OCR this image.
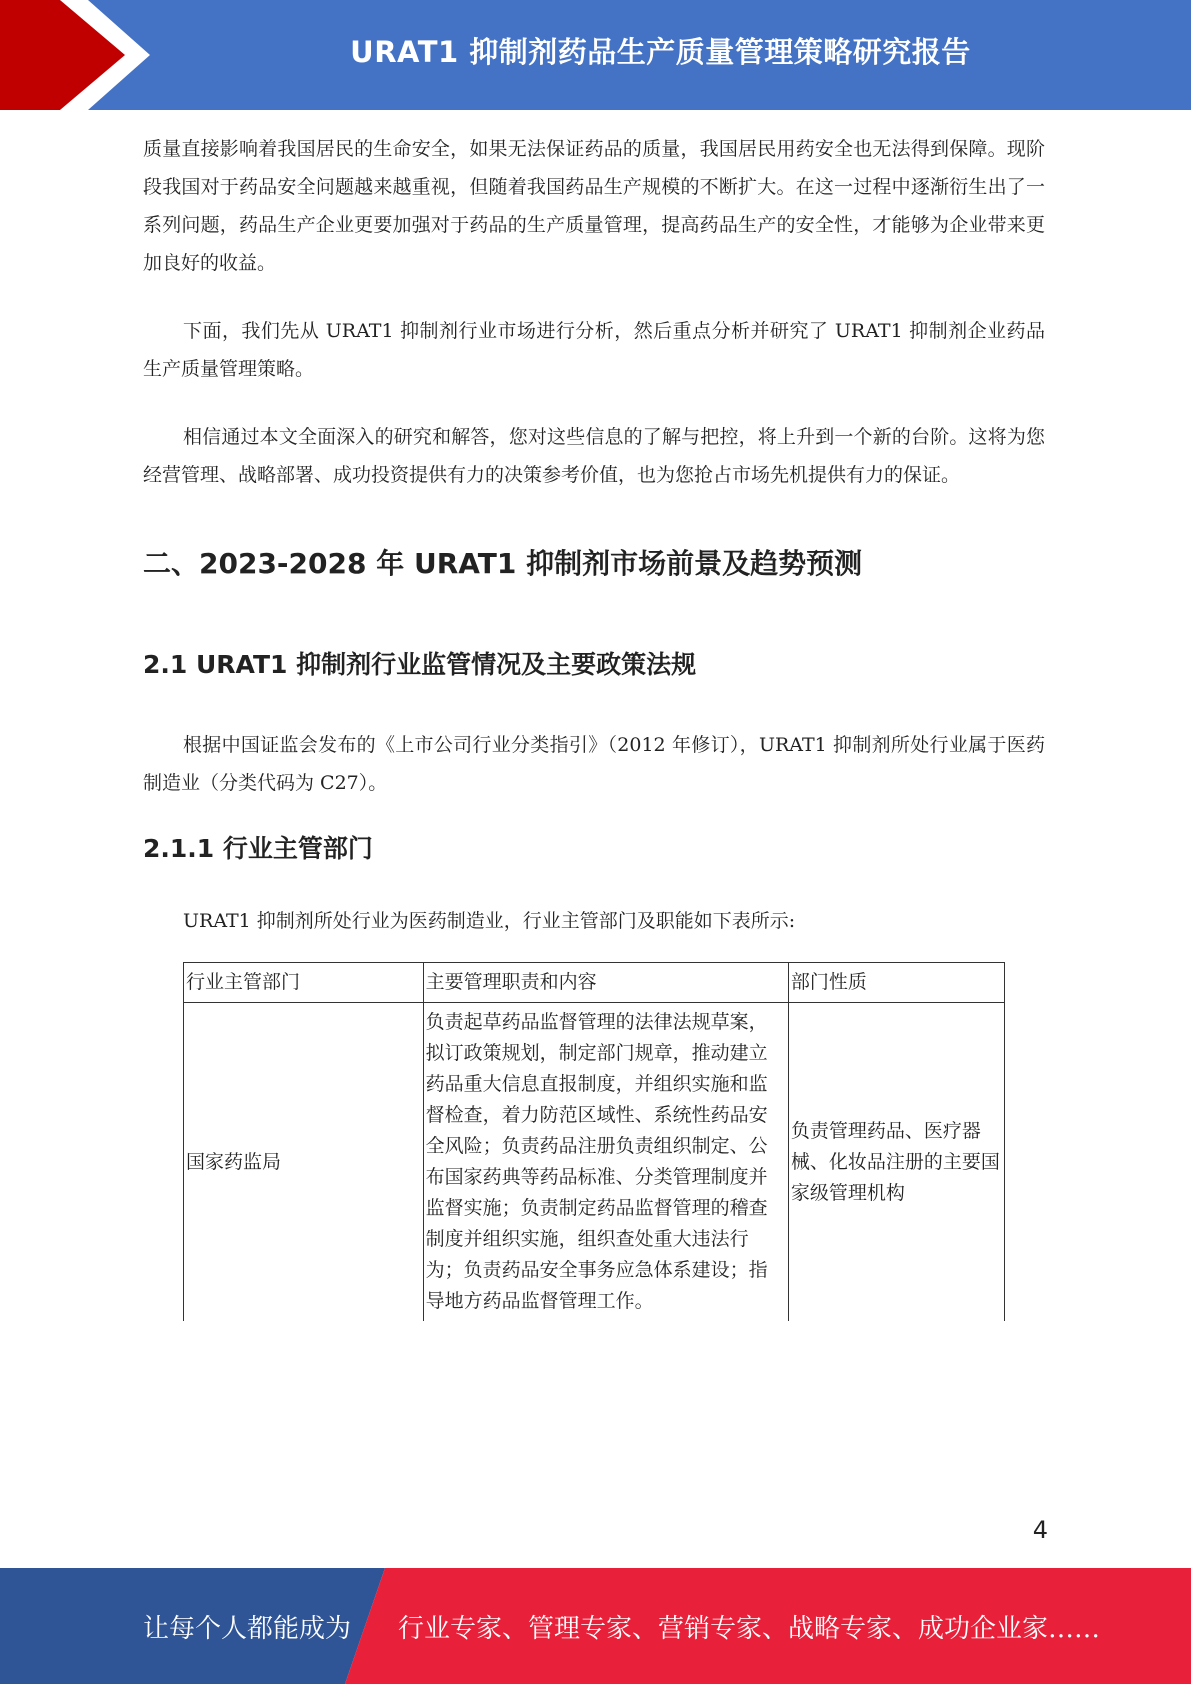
URAT1 抑制剂药品生产质量管理策略研究报告

质量直接影响着我国居民的生命安全，如果无法保证药品的质量，我国居民用药安全也无法得到保障。现阶段我国对于药品安全问题越来越重视，但随着我国药品生产规模的不断扩大。在这一过程中逐渐衍生出了一系列问题，药品生产企业更要加强对于药品的生产质量管理，提高药品生产的安全性，才能够为企业带来更加良好的收益。

下面，我们先从 URAT1 抑制剂行业市场进行分析，然后重点分析并研究了 URAT1 抑制剂企业药品生产质量管理策略。

相信通过本文全面深入的研究和解答，您对这些信息的了解与把控，将上升到一个新的台阶。这将为您经营管理、战略部署、成功投资提供有力的决策参考价值，也为您抢占市场先机提供有力的保证。

二、2023-2028 年 URAT1 抑制剂市场前景及趋势预测
2.1 URAT1 抑制剂行业监管情况及主要政策法规

根据中国证监会发布的《上市公司行业分类指引》（2012 年修订），URAT1 抑制剂所处行业属于医药制造业（分类代码为 C27）。

2.1.1 行业主管部门
URAT1 抑制剂所处行业为医药制造业，行业主管部门及职能如下表所示:
行业主管部门	主要管理职责和内容	部门性质
国家药监局	负责起草药品监督管理的法律法规草案，拟订政策规划，制定部门规章，推动建立药品重大信息直报制度，并组织实施和监督检查，着力防范区域性、系统性药品安全风险；负责药品注册负责组织制定、公布国家药典等药品标准、分类管理制度并监督实施；负责制定药品监督管理的稽查制度并组织实施，组织查处重大违法行为；负责药品安全事务应急体系建设；指导地方药品监督管理工作。	负责管理药品、医疗器械、化妆品注册的主要国家级管理机构
4
让每个人都能成为 行业专家、管理专家、营销专家、战略专家、成功企业家……
